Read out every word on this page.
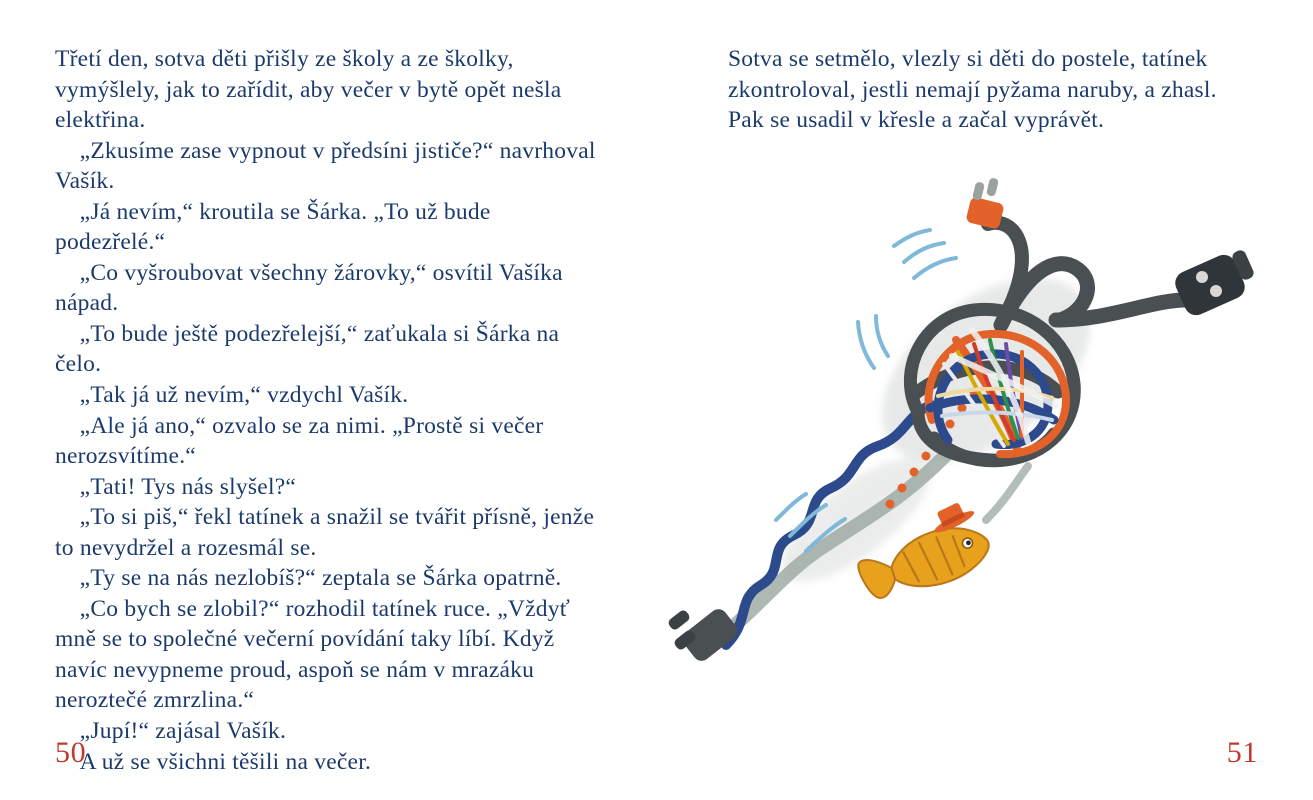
Třetí den, sotva děti přišly ze školy a ze školky, vymýšlely, jak to zařídit, aby večer v bytě opět nešla elektřina.

„Zkusíme zase vypnout v předsíni jističe?“ navrhoval Vašík.

„Já nevím,“ kroutila se Šárka. „To už bude podezřelé.“

„Co vyšroubovat všechny žárovky,“ osvítil Vašíka nápad.

„To bude ještě podezřelejší,“ zaťukala si Šárka na čelo.

„Tak já už nevím,“ vzdychl Vašík.

„Ale já ano,“ ozvalo se za nimi. „Prostě si večer nerozsvítíme.“

„Tati! Tys nás slyšel?“

„To si piš,“ řekl tatínek a snažil se tvářit přísně, jenže to nevydržel a rozesmál se.

„Ty se na nás nezlobíš?“ zeptala se Šárka opatrně.

„Co bych se zlobil?“ rozhodil tatínek ruce. „Vždyť mně se to společné večerní povídání taky líbí. Když navíc nevypneme proud, aspoň se nám v mrazáku neroztečé zmrzlina.“

„Jupí!“ zajásal Vašík.

A už se všichni těšili na večer.

50

Sotva se setmělo, vlezly si děti do postele, tatínek zkontroloval, jestli nemají pyžama naruby, a zhasl. Pak se usadil v křesle a začal vyprávět.

51
